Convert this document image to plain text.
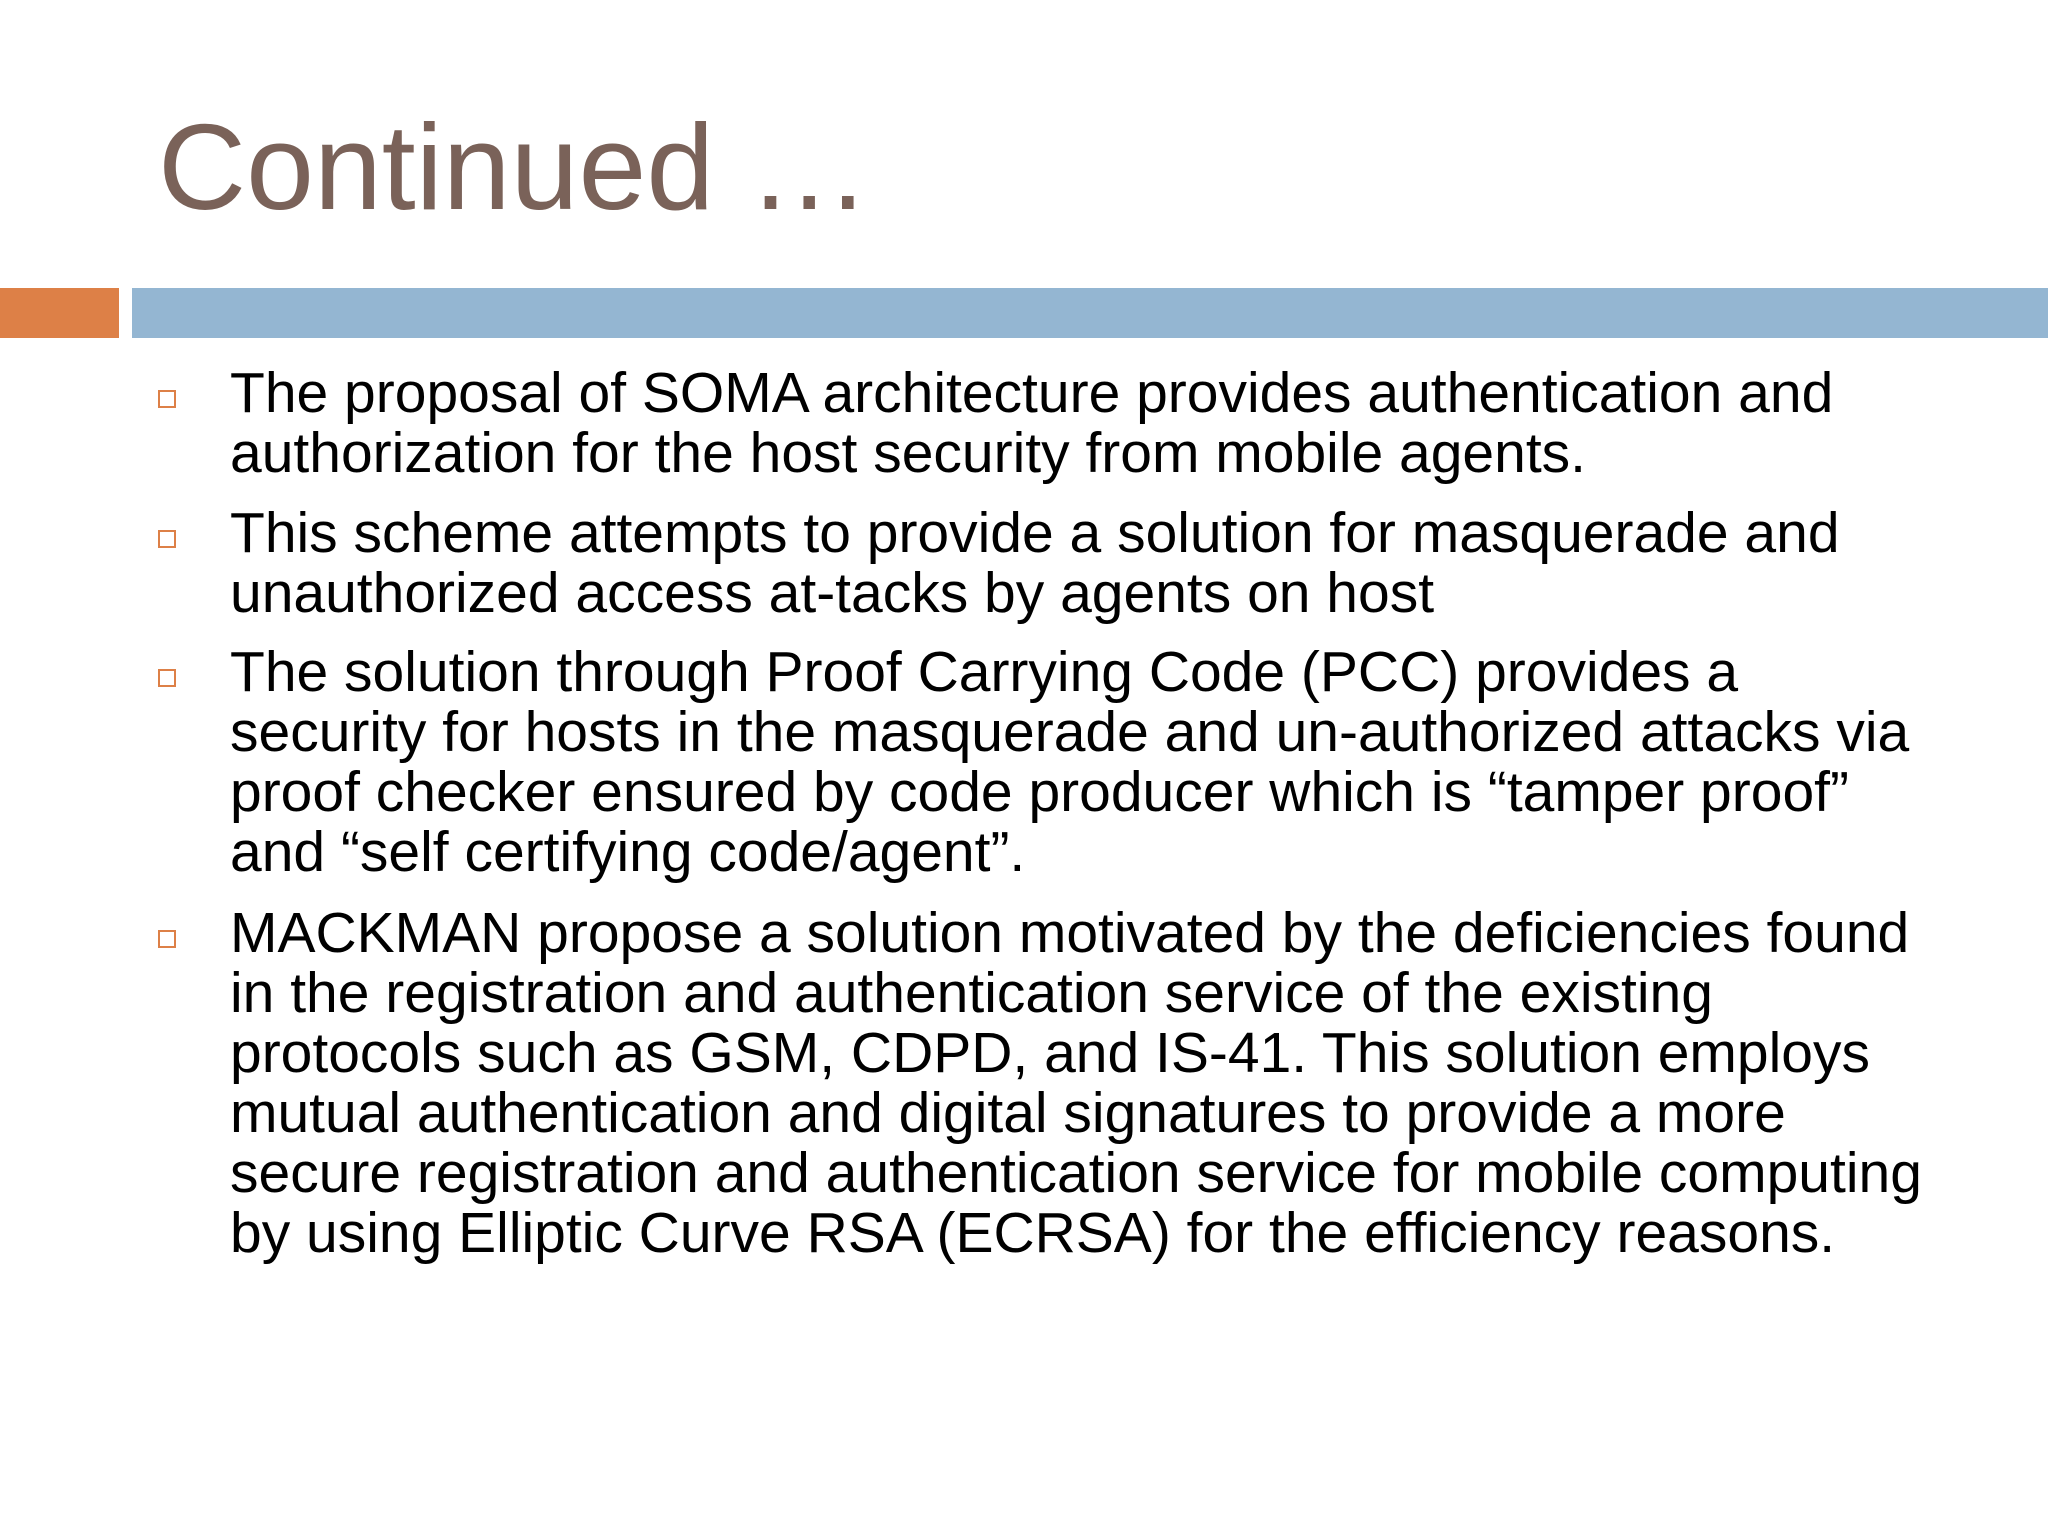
Continued …
The proposal of SOMA architecture provides authentication and authorization for the host security from mobile agents.
This scheme attempts to provide a solution for masquerade and unauthorized access at-tacks by agents on host
The solution through Proof Carrying Code (PCC) provides a security for hosts in the masquerade and un-authorized attacks via proof checker ensured by code producer which is “tamper proof” and “self certifying code/agent”.
MACKMAN propose a solution motivated by the deficiencies found in the registration and authentication service of the existing protocols such as GSM, CDPD, and IS-41. This solution employs mutual authentication and digital signatures to provide a more secure registration and authentication service for mobile computing by using Elliptic Curve RSA (ECRSA) for the efficiency reasons.
